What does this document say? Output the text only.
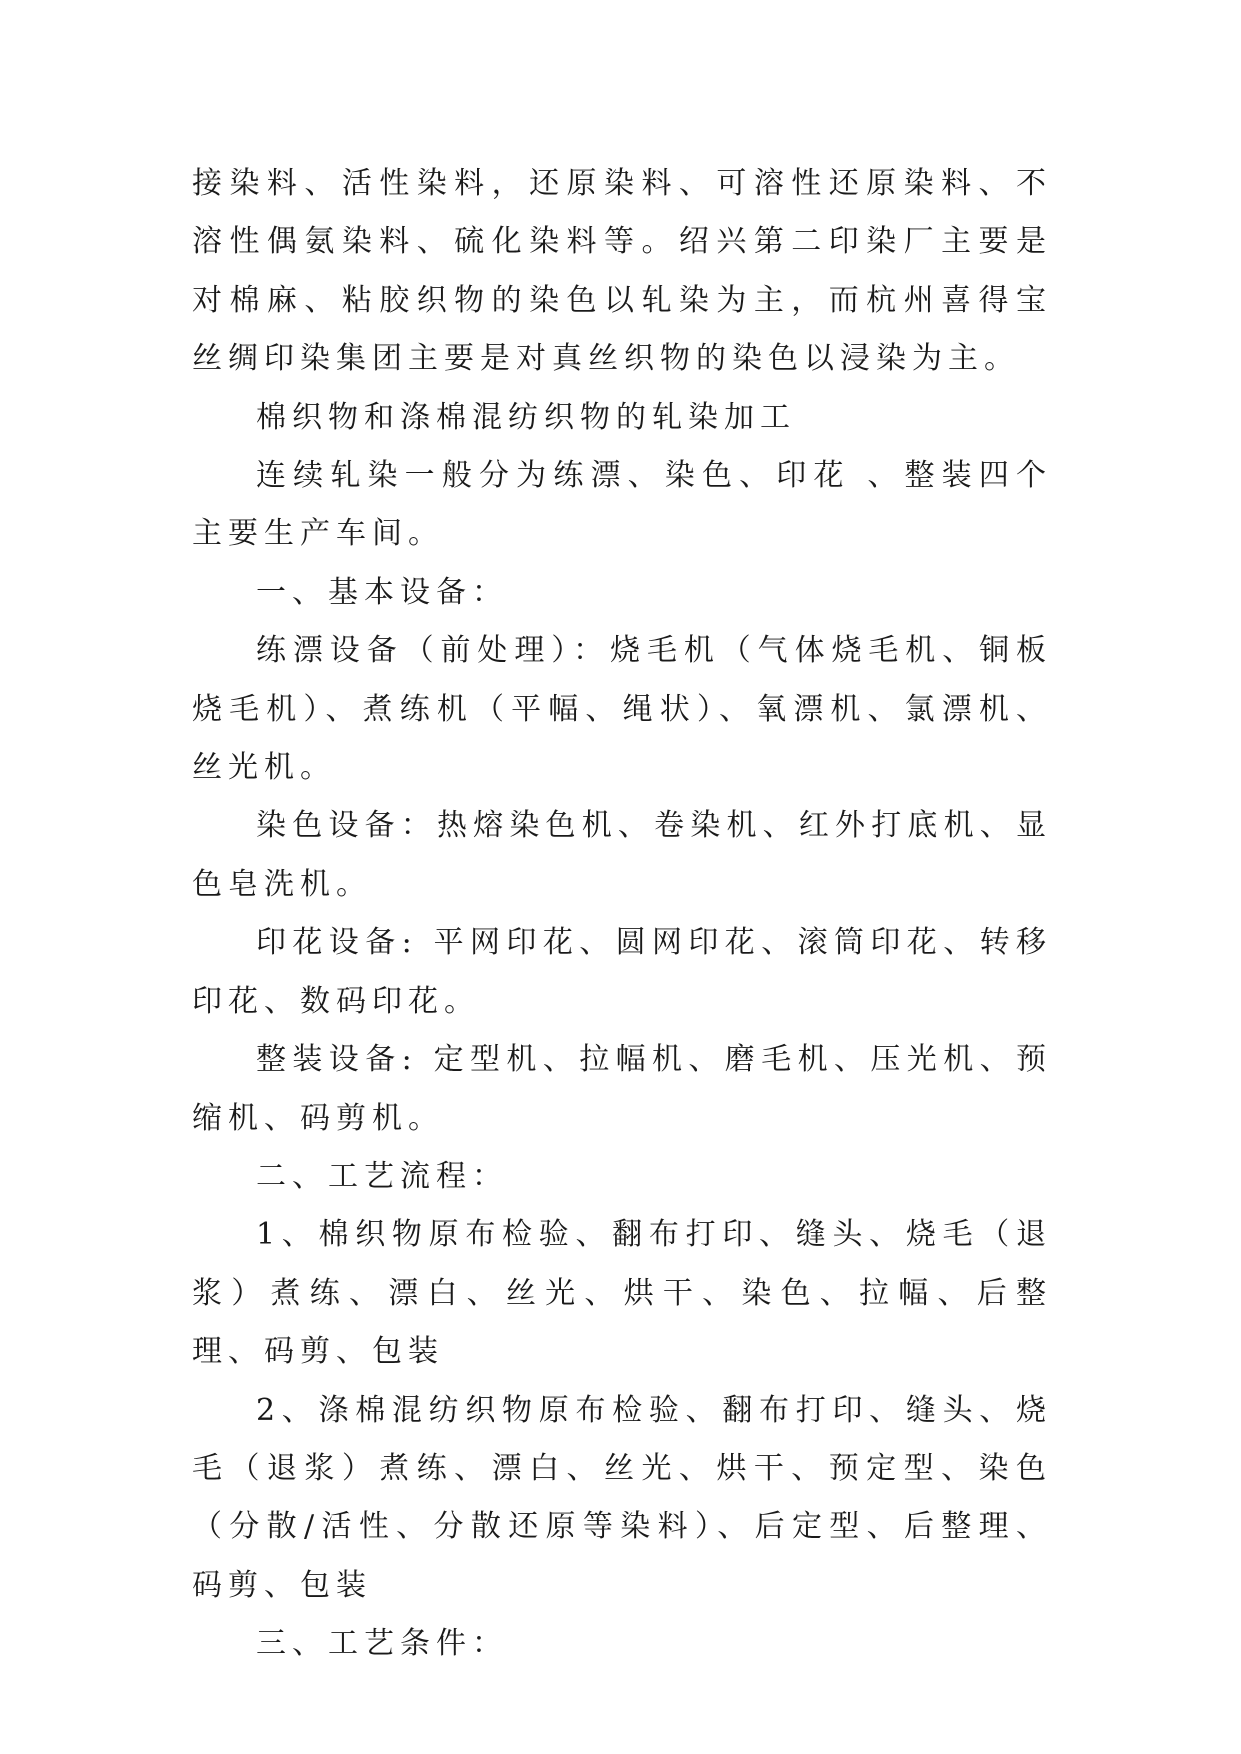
接染料、活性染料，还原染料、可溶性还原染料、不溶性偶氨染料、硫化染料等。绍兴第二印染厂主要是对棉麻、粘胶织物的染色以轧染为主，而杭州喜得宝丝绸印染集团主要是对真丝织物的染色以浸染为主。

棉织物和涤棉混纺织物的轧染加工

连续轧染一般分为练漂、染色、印花 、整装四个主要生产车间。

一、基本设备：

练漂设备（前处理）：烧毛机（气体烧毛机、铜板烧毛机）、煮练机（平幅、绳状）、氧漂机、氯漂机、丝光机。

染色设备：热熔染色机、卷染机、红外打底机、显色皂洗机。

印花设备: 平网印花、圆网印花、滚筒印花、转移印花、数码印花。

整装设备: 定型机、拉幅机、磨毛机、压光机、预缩机、码剪机。

二、工艺流程：

1、棉织物原布检验、翻布打印、缝头、烧毛（退浆）煮练、漂白、丝光、烘干、染色、拉幅、后整理、码剪、包装

2、涤棉混纺织物原布检验、翻布打印、缝头、烧毛（退浆）煮练、漂白、丝光、烘干、预定型、染色（分散/活性、分散还原等染料）、后定型、后整理、码剪、包装

三、工艺条件：
